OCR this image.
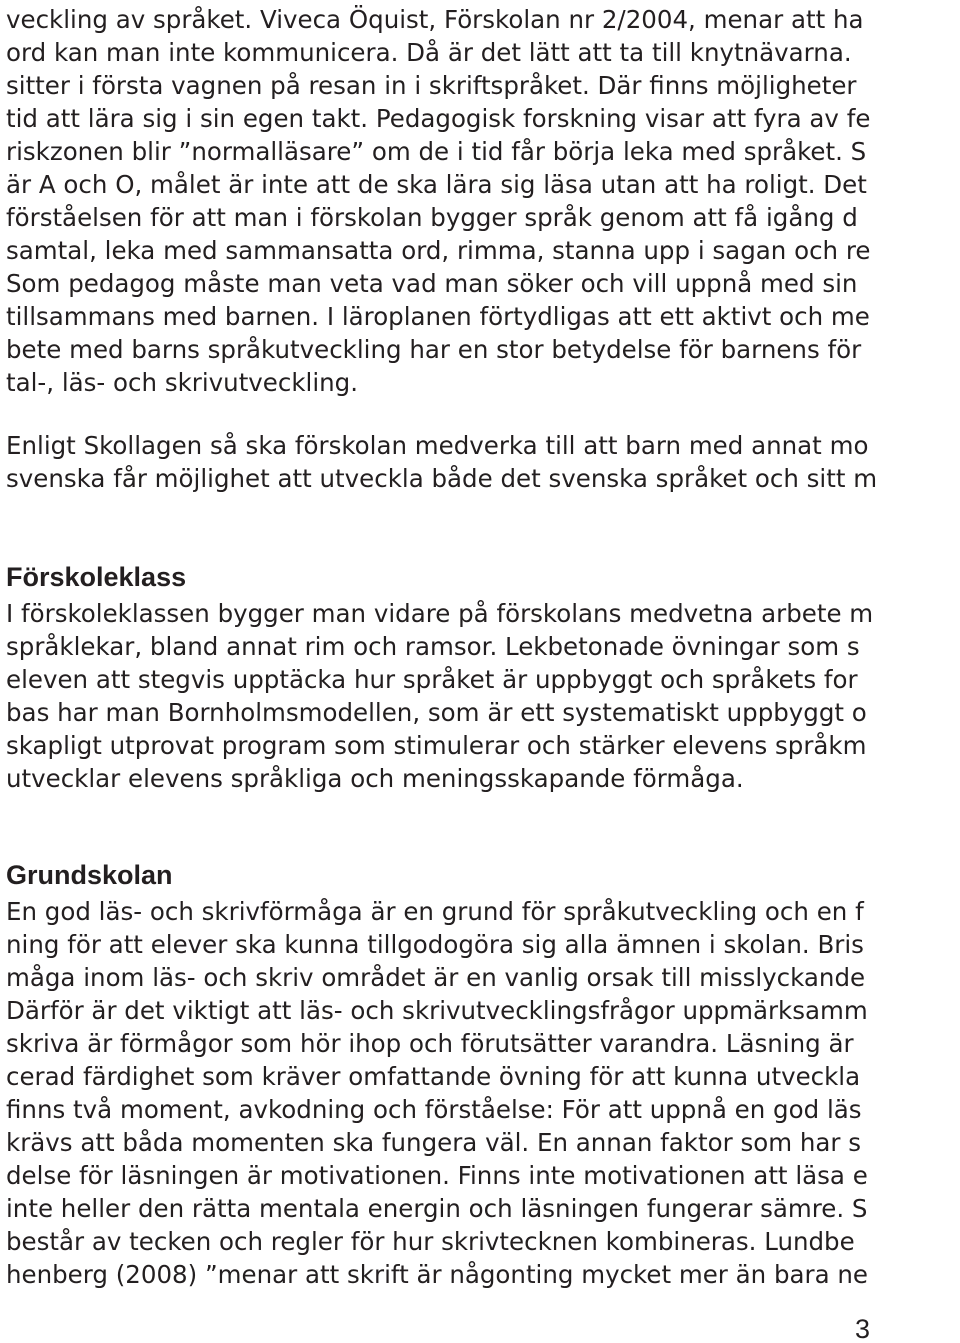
veckling av språket. Viveca Öquist, Förskolan nr 2/2004, menar att ha
ord kan man inte kommunicera. Då är det lätt att ta till knytnävarna.
sitter i första vagnen på resan in i skriftspråket. Där finns möjligheter
tid att lära sig i sin egen takt. Pedagogisk forskning visar att fyra av fe
riskzonen blir ”normalläsare” om de i tid får börja leka med språket. S
är A och O, målet är inte att de ska lära sig läsa utan att ha roligt. Det
förståelsen för att man i förskolan bygger språk genom att få igång d
samtal, leka med sammansatta ord, rimma, stanna upp i sagan och re
Som pedagog måste man veta vad man söker och vill uppnå med sin
tillsammans med barnen. I läroplanen förtydligas att ett aktivt och me
bete med barns språkutveckling har en stor betydelse för barnens för
tal-, läs- och skrivutveckling.
Enligt Skollagen så ska förskolan medverka till att barn med annat mo
svenska får möjlighet att utveckla både det svenska språket och sitt m
Förskoleklass
I förskoleklassen bygger man vidare på förskolans medvetna arbete m
språklekar, bland annat rim och ramsor. Lekbetonade övningar som s
eleven att stegvis upptäcka hur språket är uppbyggt och språkets for
bas har man Bornholmsmodellen, som är ett systematiskt uppbyggt o
skapligt utprovat program som stimulerar och stärker elevens språkm
utvecklar elevens språkliga och meningsskapande förmåga.
Grundskolan
En god läs- och skrivförmåga är en grund för språkutveckling och en f
ning för att elever ska kunna tillgodogöra sig alla ämnen i skolan. Bris
måga inom läs- och skriv området är en vanlig orsak till misslyckande
Därför är det viktigt att läs- och skrivutvecklingsfrågor uppmärksamm
skriva är förmågor som hör ihop och förutsätter varandra. Läsning är
cerad färdighet som kräver omfattande övning för att kunna utveckla
finns två moment, avkodning och förståelse: För att uppnå en god läs
krävs att båda momenten ska fungera väl. En annan faktor som har s
delse för läsningen är motivationen. Finns inte motivationen att läsa e
inte heller den rätta mentala energin och läsningen fungerar sämre. S
består av tecken och regler för hur skrivtecknen kombineras. Lundbe
henberg (2008) ”menar att skrift är någonting mycket mer än bara ne
3
